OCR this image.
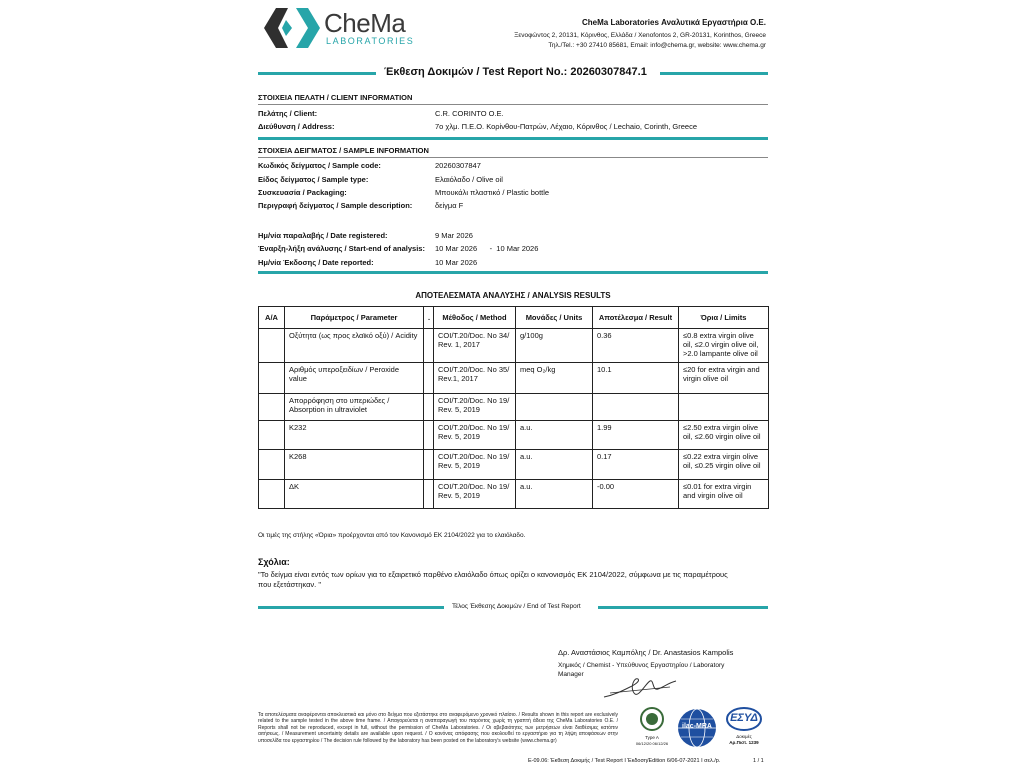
CheMa
LABORATORIES
CheMa Laboratories Αναλυτικά Εργαστήρια Ο.Ε.
Ξενοφώντος 2, 20131, Κόρινθος, Ελλάδα / Xenofontos 2, GR-20131, Korinthos, Greece
Τηλ./Tel.: +30 27410 85681, Email: info@chema.gr, website: www.chema.gr
Έκθεση Δοκιμών / Test Report No.: 20260307847.1
ΣΤΟΙΧΕΙΑ ΠΕΛΑΤΗ / CLIENT INFORMATION
Πελάτης / Client:	C.R. CORINTO O.E.
Διεύθυνση / Address:	7ο χλμ. Π.Ε.Ο. Κορίνθου-Πατρών, Λέχαιο, Κόρινθος / Lechaio, Corinth, Greece
ΣΤΟΙΧΕΙΑ ΔΕΙΓΜΑΤΟΣ / SAMPLE INFORMATION
Κωδικός δείγματος / Sample code:	20260307847
Είδος δείγματος / Sample type:	Ελαιόλαδο / Olive oil
Συσκευασία / Packaging:	Μπουκάλι πλαστικό / Plastic bottle
Περιγραφή δείγματος / Sample description:	δείγμα F
Ημ/νία παραλαβής / Date registered:	9 Mar 2026
Έναρξη-λήξη ανάλυσης / Start-end of analysis: 10 Mar 2026      -  10 Mar 2026
Ημ/νία Έκδοσης / Date reported:	10 Mar 2026
ΑΠΟΤΕΛΕΣΜΑΤΑ ΑΝΑΛΥΣΗΣ / ANALYSIS RESULTS
Α/Α	Παράμετρος / Parameter	.	Μέθοδος / Method	Μονάδες / Units	Αποτέλεσμα / Result	Όρια / Limits
	Οξύτητα (ως προς ελαϊκό οξύ) / Acidity		COI/T.20/Doc. No 34/ Rev. 1, 2017	g/100g	0.36	≤0.8 extra virgin olive oil, ≤2.0 virgin olive oil, >2.0 lampante olive oil
	Αριθμός υπεροξειδίων / Peroxide value		COI/T.20/Doc. No 35/ Rev.1, 2017	meq O₂/kg	10.1	≤20 for extra virgin and virgin olive oil
	Απορρόφηση στο υπεριώδες / Absorption in ultraviolet		COI/T.20/Doc. No 19/ Rev. 5, 2019			
	K232		COI/T.20/Doc. No 19/ Rev. 5, 2019	a.u.	1.99	≤2.50 extra virgin olive oil, ≤2.60 virgin olive oil
	K268		COI/T.20/Doc. No 19/ Rev. 5, 2019	a.u.	0.17	≤0.22 extra virgin olive oil, ≤0.25 virgin olive oil
	ΔK		COI/T.20/Doc. No 19/ Rev. 5, 2019	a.u.	-0.00	≤0.01 for extra virgin and virgin olive oil
Οι τιμές της στήλης «Όρια» προέρχονται από τον Κανονισμό ΕΚ 2104/2022 για το ελαιόλαδο.
Σχόλια:
"Το δείγμα είναι εντός των ορίων για το εξαιρετικό παρθένο ελαιόλαδο όπως ορίζει ο κανονισμός ΕΚ 2104/2022, σύμφωνα με τις παραμέτρους που εξετάστηκαν. "
Τέλος Έκθεσης Δοκιμών / End of Test Report
Δρ. Αναστάσιος Καμπόλης / Dr. Anastasios Kampolis
Χημικός / Chemist - Υπεύθυνος Εργαστηρίου / Laboratory Manager
Τα αποτελέσματα αναφέρονται αποκλειστικά και μόνο στο δείγμα που εξετάστηκε στο αναφερόμενο χρονικό πλαίσιο. / Results shown in this report are exclusively related to the sample tested in the above time frame. / Απαγορεύεται η αναπαραγωγή του παρόντος χωρίς τη γραπτή άδεια της CheMa Laboratories O.E. / Reports shall not be reproduced, except in full, without the permission of CheMa Laboratories. / Οι αβεβαιότητες των μετρήσεων είναι διαθέσιμες κατόπιν αιτήσεως. / Measurement uncertainty details are available upon request. / Ο κανόνας απόφασης που ακολουθεί το εργαστήριο για τη λήψη αποφάσεων στην υποσελίδα του εργαστηρίου / The decision rule followed by the laboratory has been posted on the laboratory's website (www.chema.gr)
Type A
06/12/20 06/12/26
ilac-MRA
ΕΣΥΔ
Δοκιμές
Αρ.Πιστ. 1239
Ε-09.06: Έκθεση Δοκιμής / Test Report I Έκδοση/Edition 6/06-07-2021 I σελ./p.	1 / 1
